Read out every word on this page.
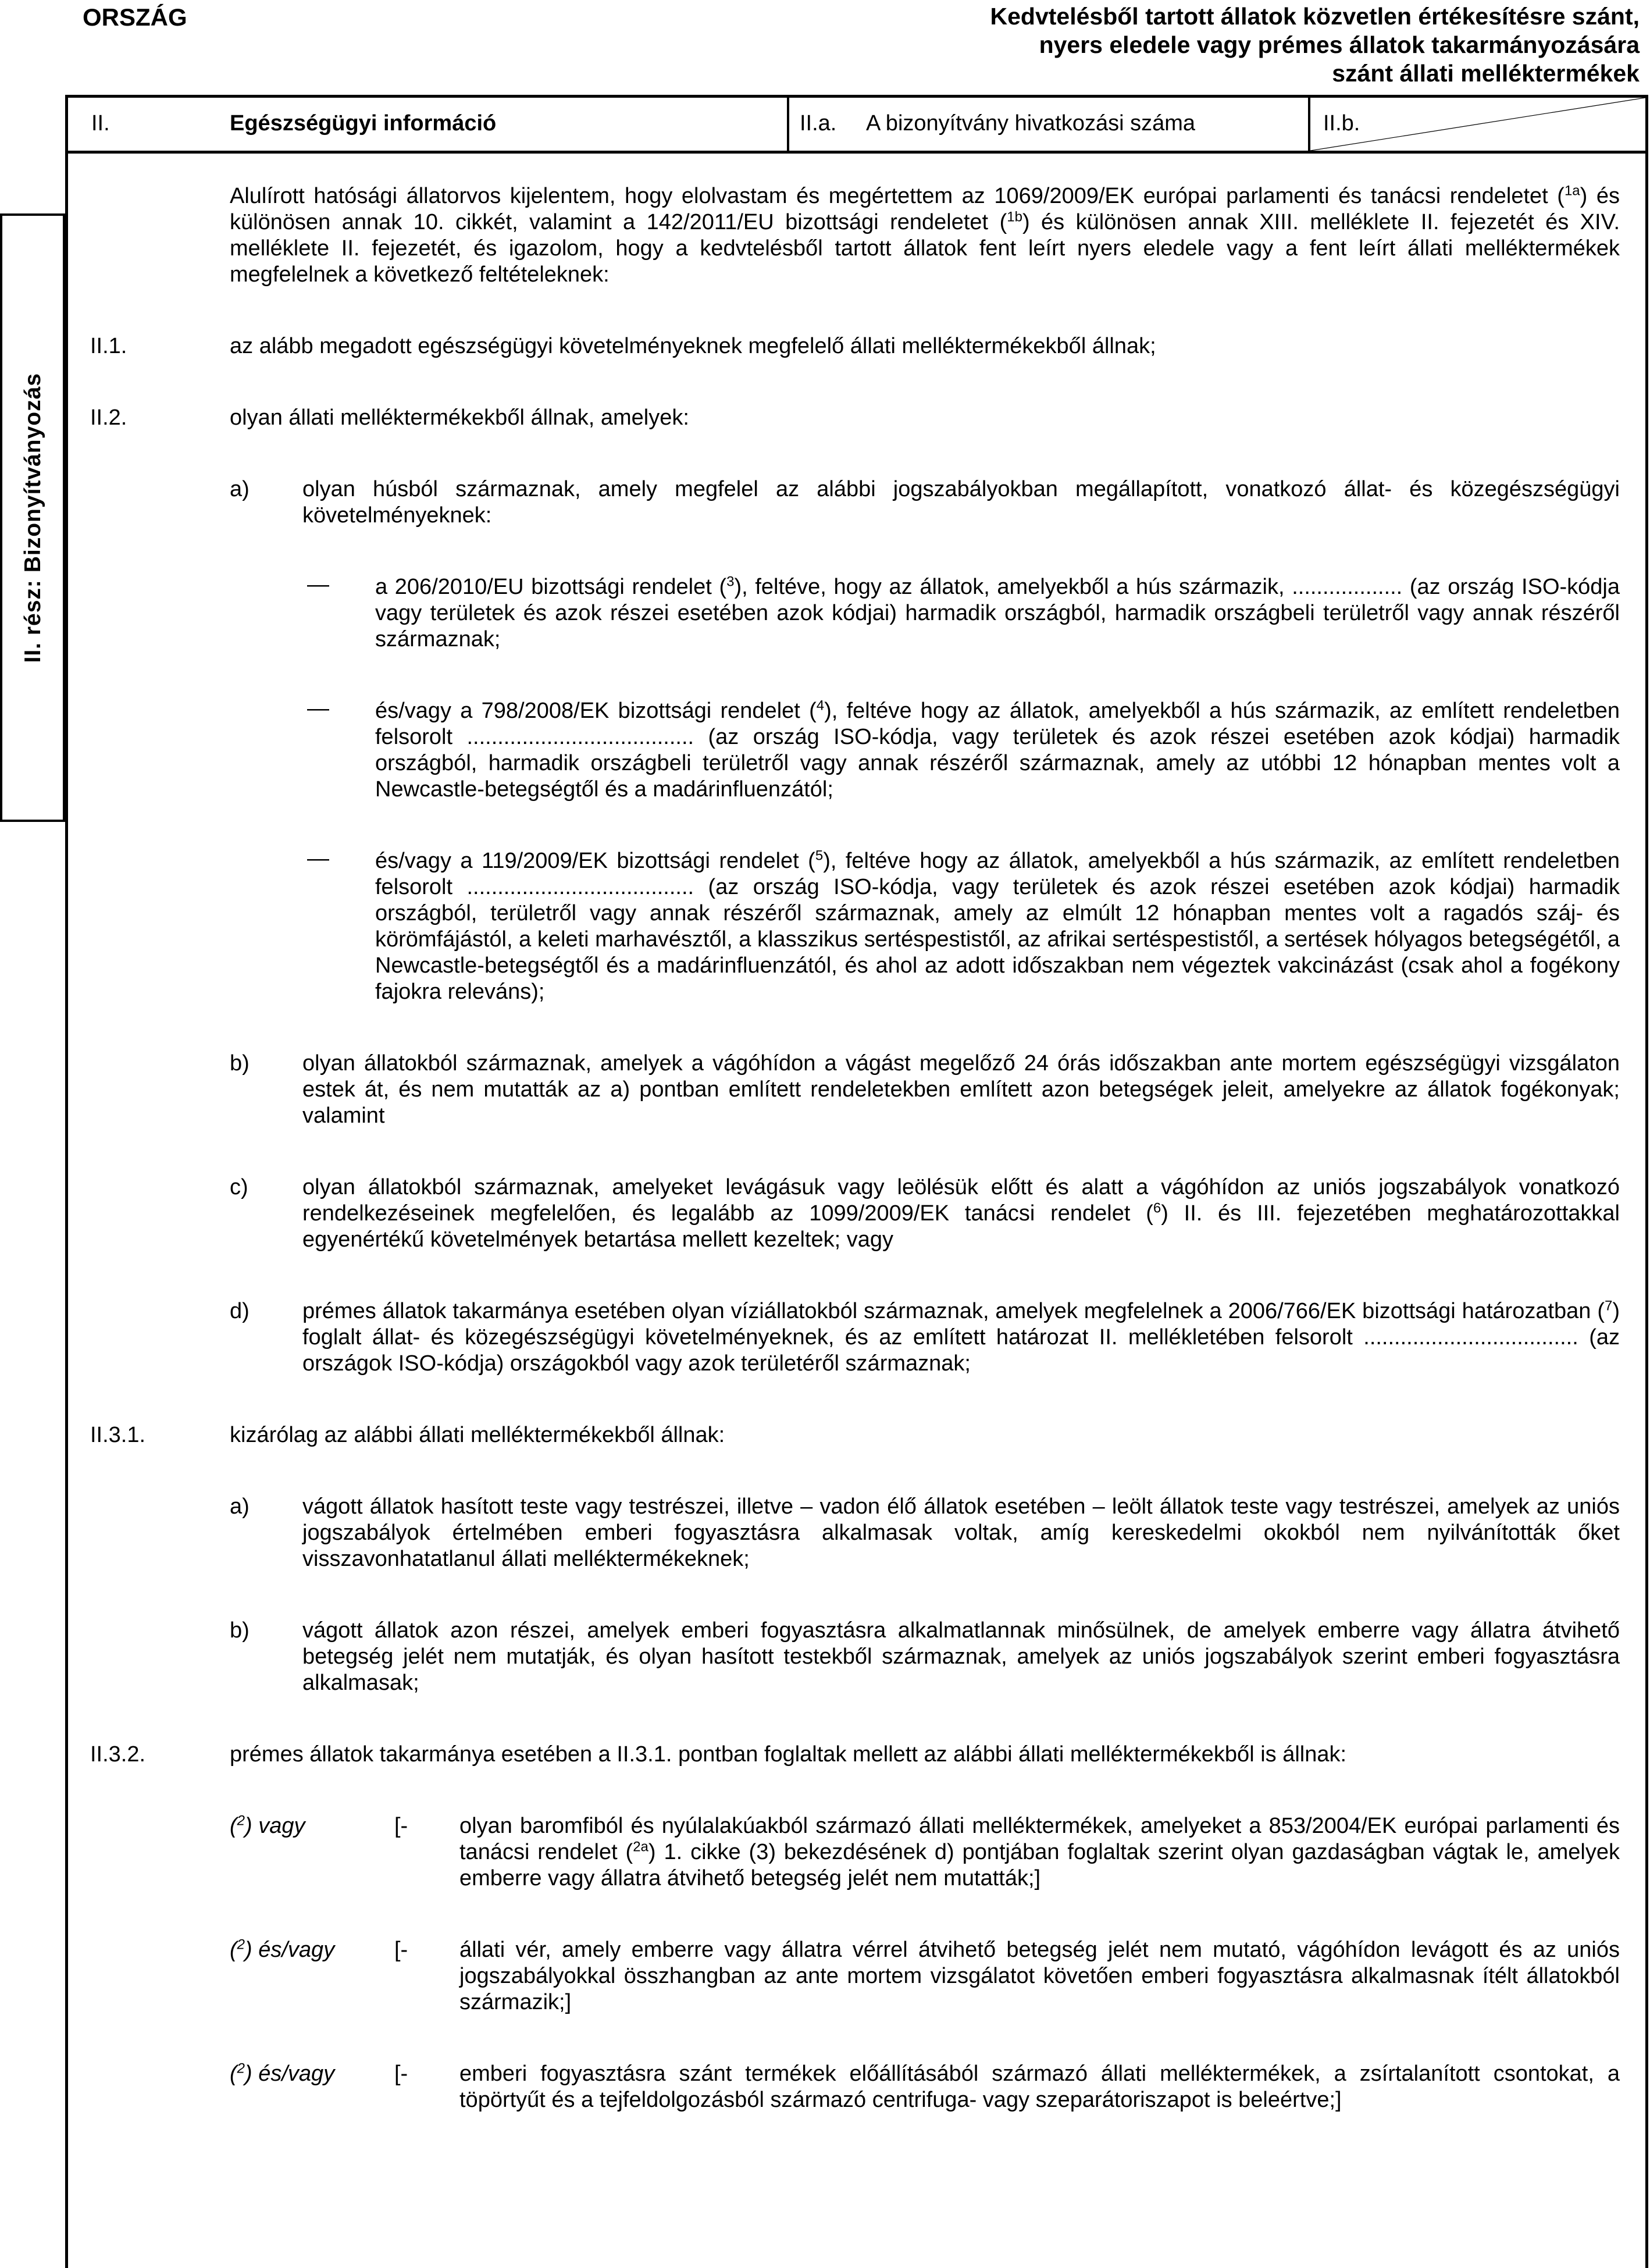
ORSZÁG	Kedvtelésből tartott állatok közvetlen értékesítésre szánt,
nyers eledele vagy prémes állatok takarmányozására
szánt állati melléktermékek
II.	Egészségügyi információ	II.a. A bizonyítvány hivatkozási száma	II.b.
II. rész: Bizonyítványozás
Alulírott hatósági állatorvos kijelentem, hogy elolvastam és megértettem az 1069/2009/EK európai parlamenti és tanácsi rendeletet ($^{1a}$) és különösen annak 10. cikkét, valamint a 142/2011/EU bizottsági rendeletet ($^{1b}$) és különösen annak XIII. melléklete II. fejezetét és XIV. melléklete II. fejezetét, és igazolom, hogy a kedvtelésből tartott állatok fent leírt nyers eledele vagy a fent leírt állati melléktermékek megfelelnek a következő feltételeknek:
II.1.	az alább megadott egészségügyi követelményeknek megfelelő állati melléktermékekből állnak;
II.2.	olyan állati melléktermékekből állnak, amelyek:
a) olyan húsból származnak, amely megfelel az alábbi jogszabályokban megállapított, vonatkozó állat- és közegészségügyi követelményeknek:
— a 206/2010/EU bizottsági rendelet ($^3$), feltéve, hogy az állatok, amelyekből a hús származik, .................. (az ország ISO-kódja vagy területek és azok részei esetében azok kódjai) harmadik országból, harmadik országbeli területről vagy annak részéről származnak;
— és/vagy a 798/2008/EK bizottsági rendelet ($^4$), feltéve hogy az állatok, amelyekből a hús származik, az említett rendeletben felsorolt ..................................... (az ország ISO-kódja, vagy területek és azok részei esetében azok kódjai) harmadik országból, harmadik országbeli területről vagy annak részéről származnak, amely az utóbbi 12 hónapban mentes volt a Newcastle-betegségtől és a madárinfluenzától;
— és/vagy a 119/2009/EK bizottsági rendelet ($^5$), feltéve hogy az állatok, amelyekből a hús származik, az említett rendeletben felsorolt ..................................... (az ország ISO-kódja, vagy területek és azok részei esetében azok kódjai) harmadik országból, területről vagy annak részéről származnak, amely az elmúlt 12 hónapban mentes volt a ragadós száj- és körömfájástól, a keleti marhavésztől, a klasszikus sertéspestistől, az afrikai sertéspestistől, a sertések hólyagos betegségétől, a Newcastle-betegségtől és a madárinfluenzától, és ahol az adott időszakban nem végeztek vakcinázást (csak ahol a fogékony fajokra releváns);
b) olyan állatokból származnak, amelyek a vágóhídon a vágást megelőző 24 órás időszakban ante mortem egészségügyi vizsgálaton estek át, és nem mutatták az a) pontban említett rendeletekben említett azon betegségek jeleit, amelyekre az állatok fogékonyak; valamint
c) olyan állatokból származnak, amelyeket levágásuk vagy leölésük előtt és alatt a vágóhídon az uniós jogszabályok vonatkozó rendelkezéseinek megfelelően, és legalább az 1099/2009/EK tanácsi rendelet ($^6$) II. és III. fejezetében meghatározottakkal egyenértékű követelmények betartása mellett kezeltek; vagy
d) prémes állatok takarmánya esetében olyan víziállatokból származnak, amelyek megfelelnek a 2006/766/EK bizottsági határozatban ($^7$) foglalt állat- és közegészségügyi követelményeknek, és az említett határozat II. mellékletében felsorolt ................................... (az országok ISO-kódja) országokból vagy azok területéről származnak;
II.3.1.	kizárólag az alábbi állati melléktermékekből állnak:
a) vágott állatok hasított teste vagy testrészei, illetve – vadon élő állatok esetében – leölt állatok teste vagy testrészei, amelyek az uniós jogszabályok értelmében emberi fogyasztásra alkalmasak voltak, amíg kereskedelmi okokból nem nyilvánították őket visszavonhatatlanul állati melléktermékeknek;
b) vágott állatok azon részei, amelyek emberi fogyasztásra alkalmatlannak minősülnek, de amelyek emberre vagy állatra átvihető betegség jelét nem mutatják, és olyan hasított testekből származnak, amelyek az uniós jogszabályok szerint emberi fogyasztásra alkalmasak;
II.3.2.	prémes állatok takarmánya esetében a II.3.1. pontban foglaltak mellett az alábbi állati melléktermékekből is állnak:
($^2$) vagy	[- olyan baromfiból és nyúlalakúakból származó állati melléktermékek, amelyeket a 853/2004/EK európai parlamenti és tanácsi rendelet ($^{2a}$) 1. cikke (3) bekezdésének d) pontjában foglaltak szerint olyan gazdaságban vágtak le, amelyek emberre vagy állatra átvihető betegség jelét nem mutatták;]
($^2$) és/vagy	[- állati vér, amely emberre vagy állatra vérrel átvihető betegség jelét nem mutató, vágóhídon levágott és az uniós jogszabályokkal összhangban az ante mortem vizsgálatot követően emberi fogyasztásra alkalmasnak ítélt állatokból származik;]
($^2$) és/vagy	[- emberi fogyasztásra szánt termékek előállításából származó állati melléktermékek, a zsírtalanított csontokat, a töpörtyűt és a tejfeldolgozásból származó centrifuga- vagy szeparátoriszapot is beleértve;]
